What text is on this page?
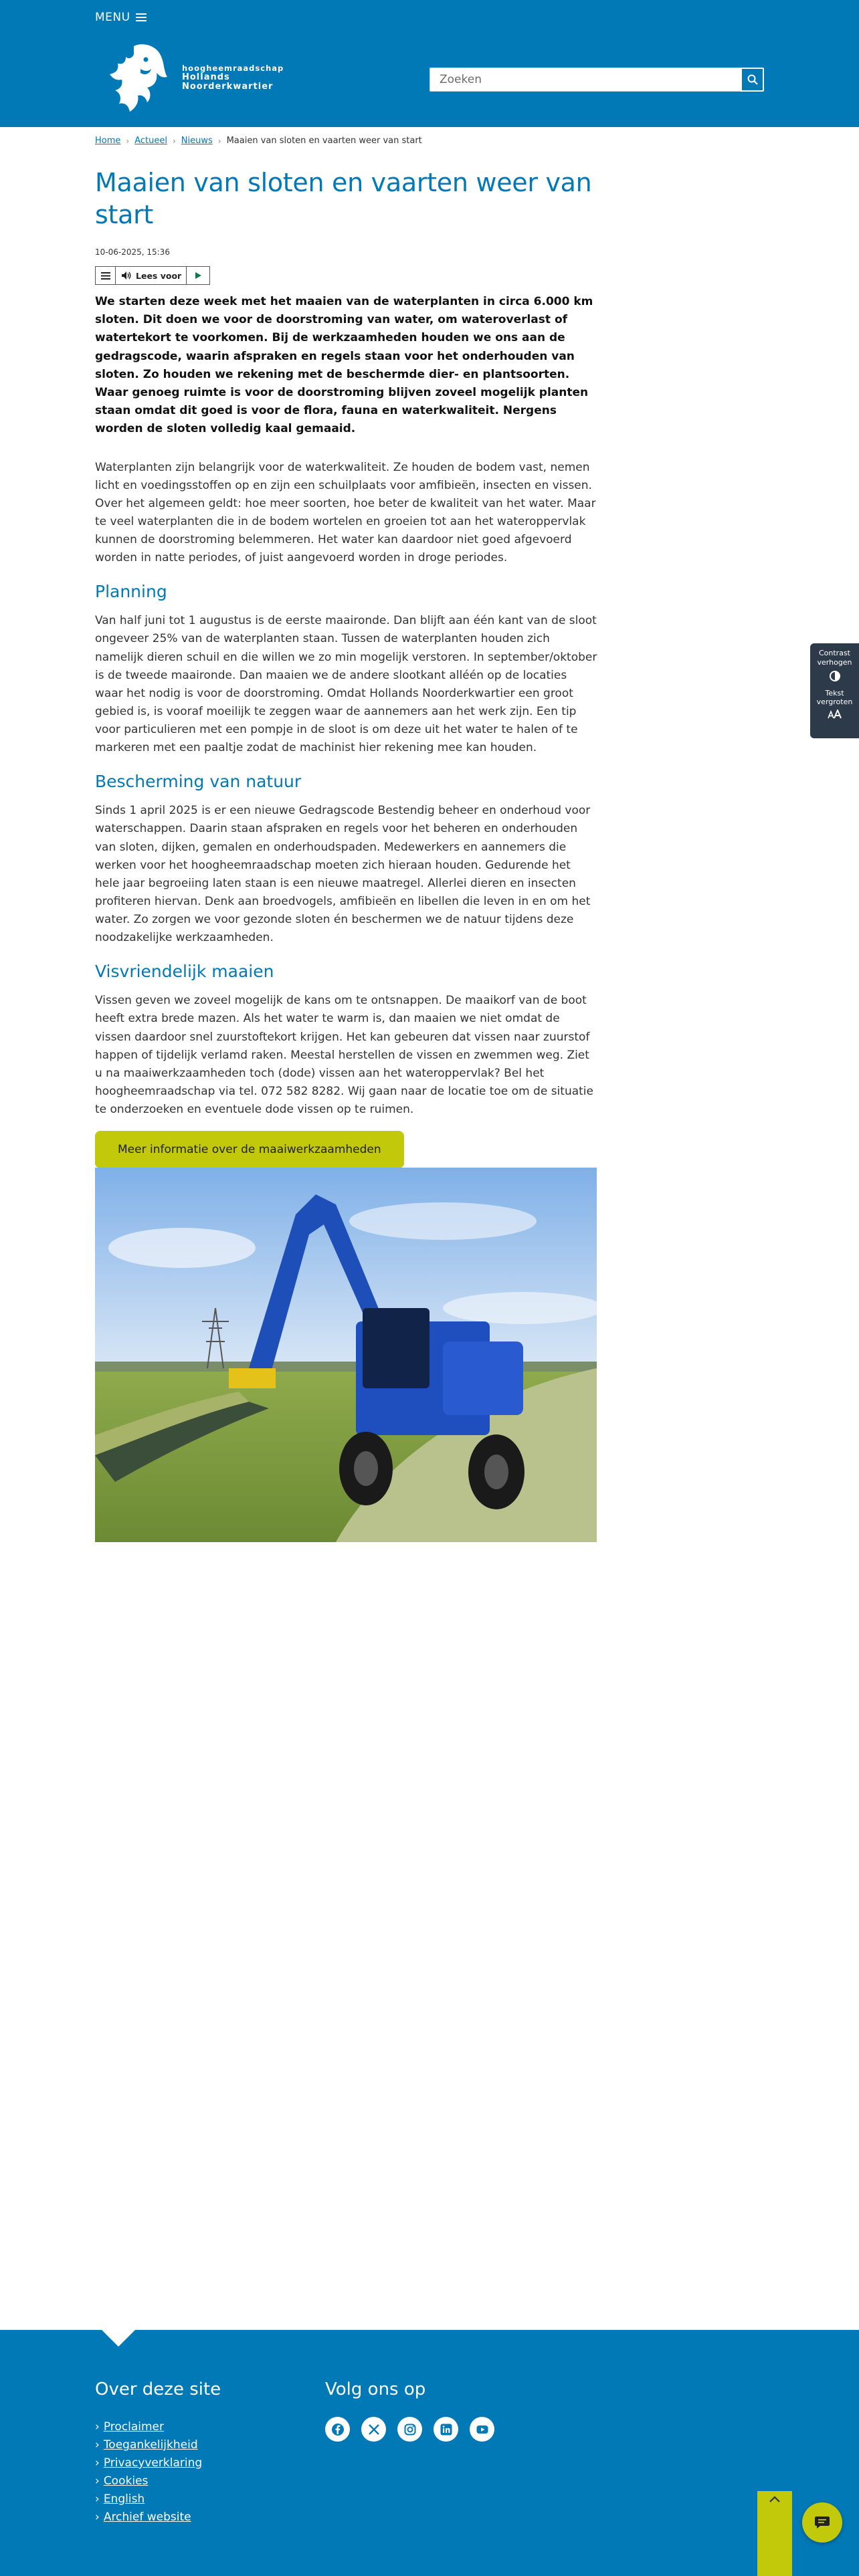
MENU
hoogheemraadschap
Hollands
Noorderkwartier
Zoeken
Home › Actueel › Nieuws › Maaien van sloten en vaarten weer van start
Maaien van sloten en vaarten weer van start
10-06-2025, 15:36
Lees voor

We starten deze week met het maaien van de waterplanten in circa 6.000 km sloten. Dit doen we voor de doorstroming van water, om wateroverlast of watertekort te voorkomen. Bij de werkzaamheden houden we ons aan de gedragscode, waarin afspraken en regels staan voor het onderhouden van sloten. Zo houden we rekening met de beschermde dier- en plantsoorten. Waar genoeg ruimte is voor de doorstroming blijven zoveel mogelijk planten staan omdat dit goed is voor de flora, fauna en waterkwaliteit. Nergens worden de sloten volledig kaal gemaaid.

Waterplanten zijn belangrijk voor de waterkwaliteit. Ze houden de bodem vast, nemen licht en voedingsstoffen op en zijn een schuilplaats voor amfibieën, insecten en vissen. Over het algemeen geldt: hoe meer soorten, hoe beter de kwaliteit van het water. Maar te veel waterplanten die in de bodem wortelen en groeien tot aan het wateroppervlak kunnen de doorstroming belemmeren. Het water kan daardoor niet goed afgevoerd worden in natte periodes, of juist aangevoerd worden in droge periodes.

Planning

Van half juni tot 1 augustus is de eerste maaironde. Dan blijft aan één kant van de sloot ongeveer 25% van de waterplanten staan. Tussen de waterplanten houden zich namelijk dieren schuil en die willen we zo min mogelijk verstoren. In september/oktober is de tweede maaironde. Dan maaien we de andere slootkant alléén op de locaties waar het nodig is voor de doorstroming. Omdat Hollands Noorderkwartier een groot gebied is, is vooraf moeilijk te zeggen waar de aannemers aan het werk zijn. Een tip voor particulieren met een pompje in de sloot is om deze uit het water te halen of te markeren met een paaltje zodat de machinist hier rekening mee kan houden.

Bescherming van natuur

Sinds 1 april 2025 is er een nieuwe Gedragscode Bestendig beheer en onderhoud voor waterschappen. Daarin staan afspraken en regels voor het beheren en onderhouden van sloten, dijken, gemalen en onderhoudspaden. Medewerkers en aannemers die werken voor het hoogheemraadschap moeten zich hieraan houden. Gedurende het hele jaar begroeiing laten staan is een nieuwe maatregel. Allerlei dieren en insecten profiteren hiervan. Denk aan broedvogels, amfibieën en libellen die leven in en om het water. Zo zorgen we voor gezonde sloten én beschermen we de natuur tijdens deze noodzakelijke werkzaamheden.

Visvriendelijk maaien

Vissen geven we zoveel mogelijk de kans om te ontsnappen. De maaikorf van de boot heeft extra brede mazen. Als het water te warm is, dan maaien we niet omdat de vissen daardoor snel zuurstoftekort krijgen. Het kan gebeuren dat vissen naar zuurstof happen of tijdelijk verlamd raken. Meestal herstellen de vissen en zwemmen weg. Ziet u na maaiwerkzaamheden toch (dode) vissen aan het wateroppervlak? Bel het hoogheemraadschap via tel. 072 582 8282. Wij gaan naar de locatie toe om de situatie te onderzoeken en eventuele dode vissen op te ruimen.

Meer informatie over de maaiwerkzaamheden
Contrast verhogen
Tekst vergroten
Over deze site
› Proclaimer
› Toegankelijkheid
› Privacyverklaring
› Cookies
› English
› Archief website
Volg ons op
